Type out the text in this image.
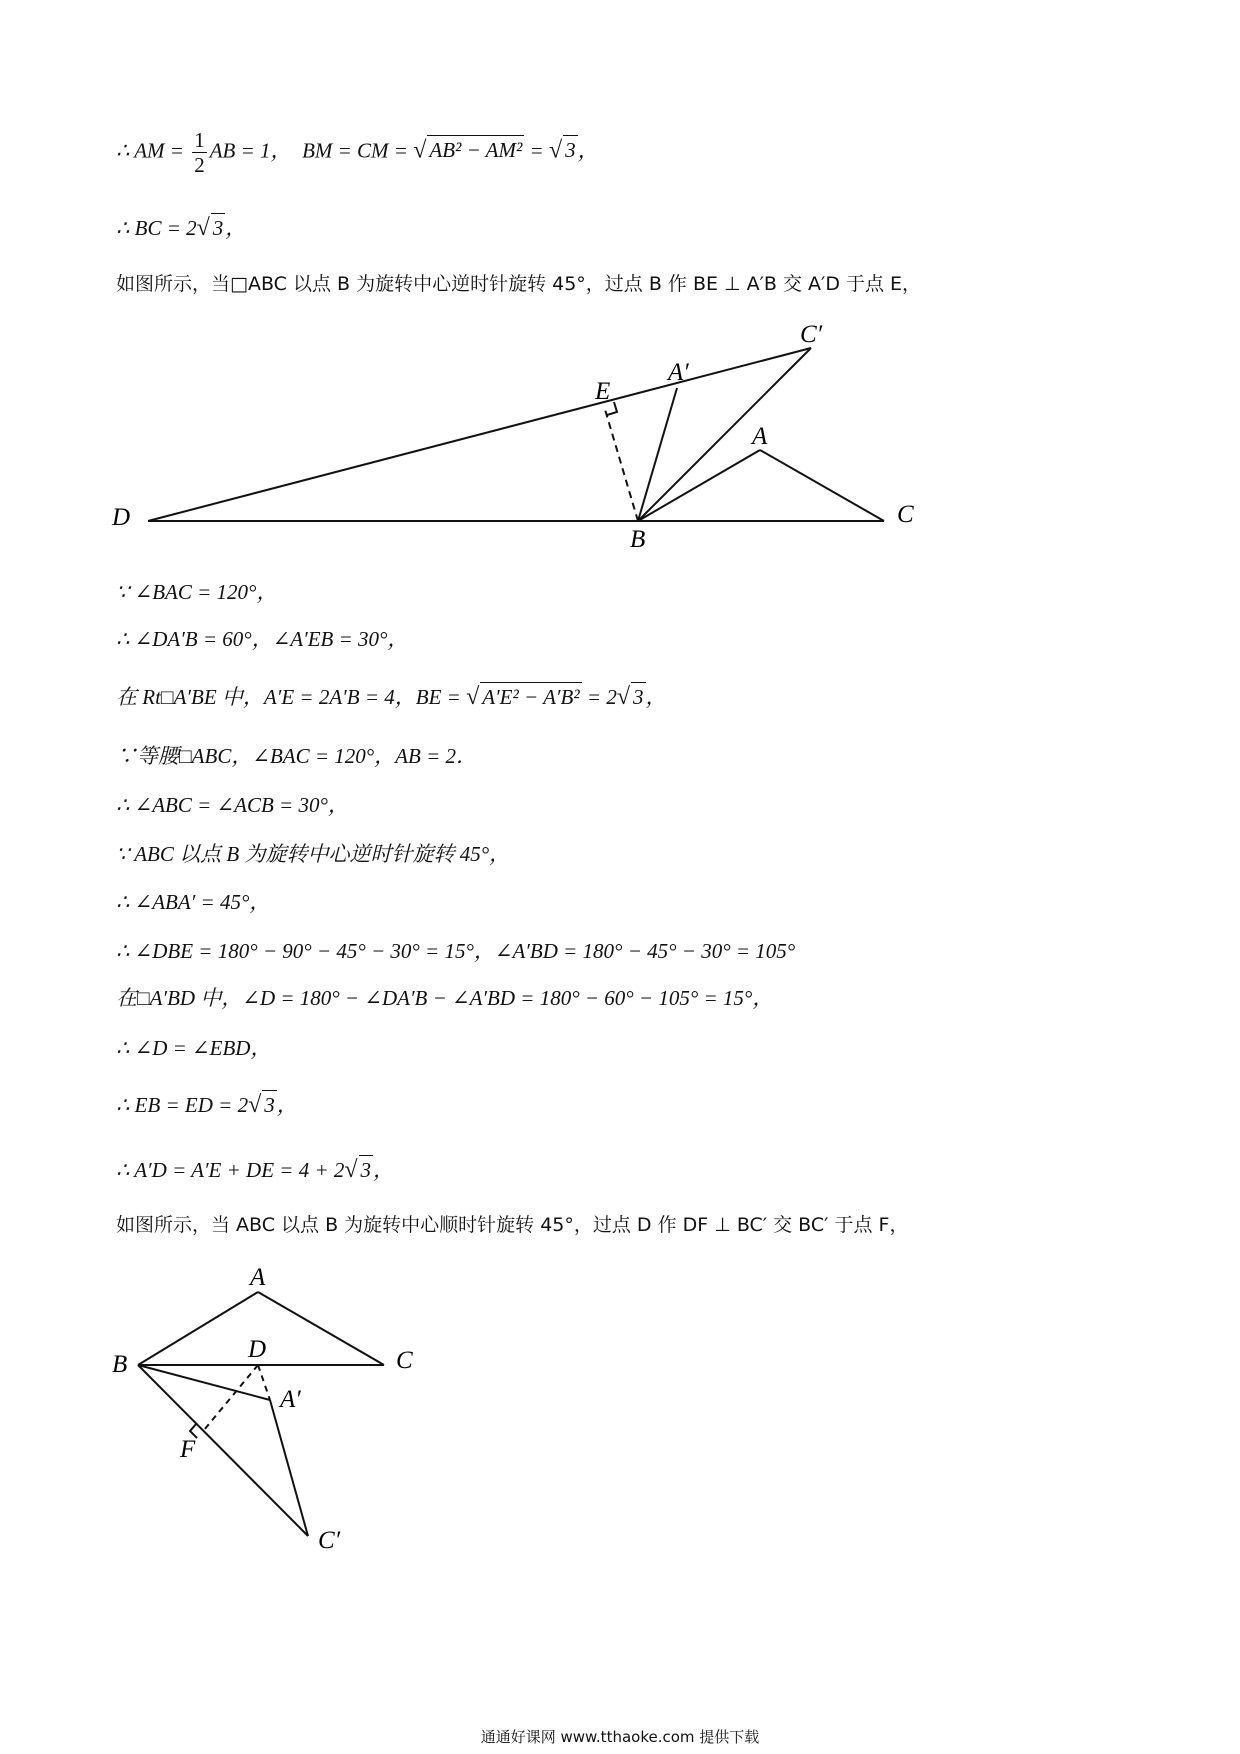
∴ AM = $\frac{1}{2}$ AB = 1， BM = CM = √ AB² − AM² = √ 3，
∴ BC = 2√ 3，
如图所示，当□ABC 以点 B 为旋转中心逆时针旋转 45°，过点 B 作 BE ⊥ A′B 交 A′D 于点 E，
∵ ∠BAC = 120°，
∴ ∠DA′B = 60°，∠A′EB = 30°，
在 Rt□A′BE 中，A′E = 2A′B = 4，BE = √ A′E² − A′B² = 2√ 3，
∵等腰□ABC，∠BAC = 120°，AB = 2．
∴ ∠ABC = ∠ACB = 30°，
∵ ABC 以点 B 为旋转中心逆时针旋转 45°，
∴ ∠ABA′ = 45°，
∴ ∠DBE = 180° − 90° − 45° − 30° = 15°，∠A′BD = 180° − 45° − 30° = 105°
在□A′BD 中，∠D = 180° − ∠DA′B − ∠A′BD = 180° − 60° − 105° = 15°，
∴ ∠D = ∠EBD，
∴ EB = ED = 2√ 3，
∴ A′D = A′E + DE = 4 + 2√ 3，
如图所示，当 ABC 以点 B 为旋转中心顺时针旋转 45°，过点 D 作 DF ⊥ BC′ 交 BC′ 于点 F，
C′
A′
E
A
D
B
C
A
B
D	C
A′
F
C′
通通好课网 www.tthaoke.com 提供下载
